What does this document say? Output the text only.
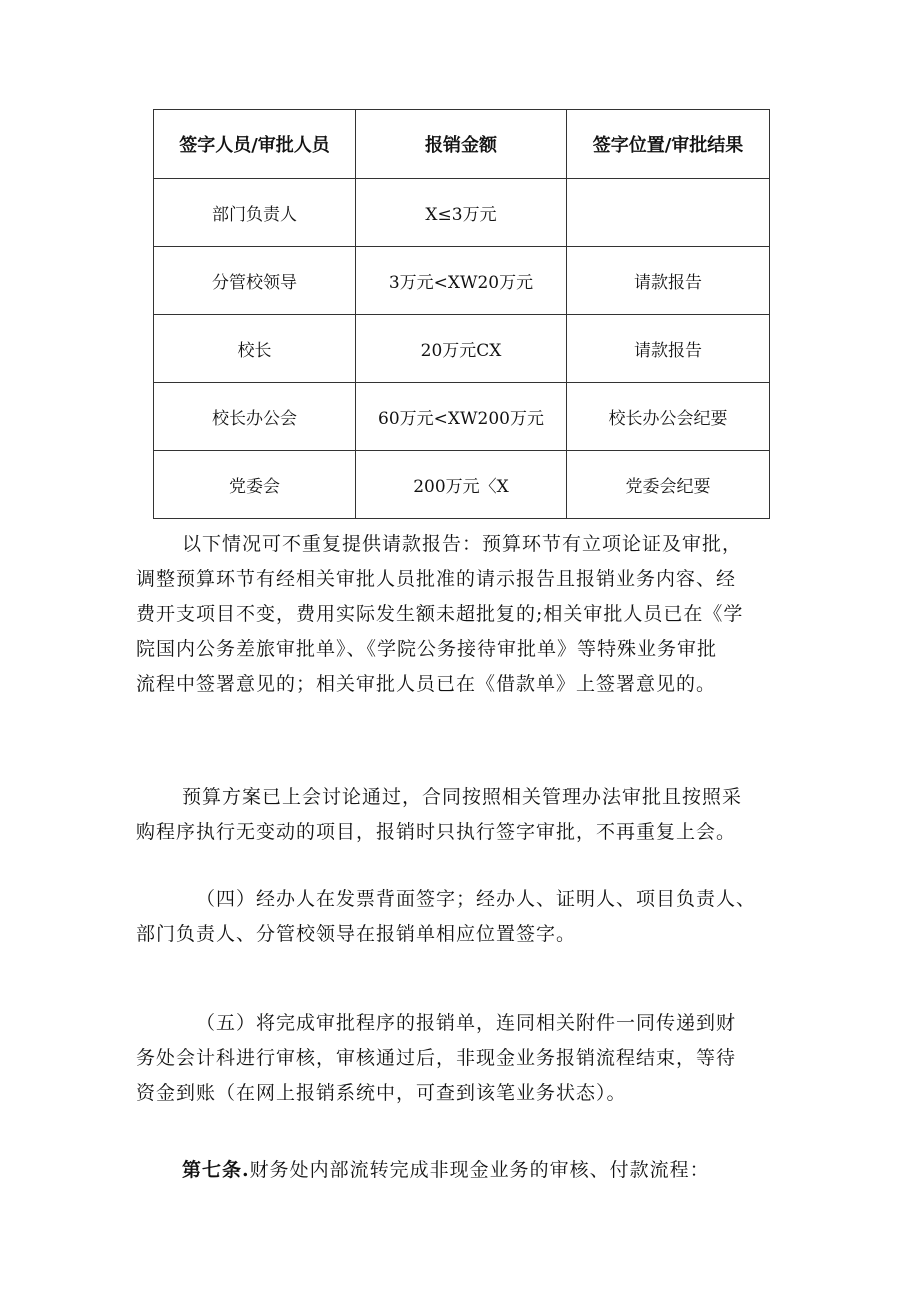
签字人员/审批人员	报销金额	签字位置/审批结果
部门负责人	X≤3万元	
分管校领导	3万元<XW20万元	请款报告
校长	20万元CX	请款报告
校长办公会	60万元<XW200万元	校长办公会纪要
党委会	200万元〈X	党委会纪要
以下情况可不重复提供请款报告：预算环节有立项论证及审批，
调整预算环节有经相关审批人员批准的请示报告且报销业务内容、经
费开支项目不变，费用实际发生额未超批复的;相关审批人员已在《学
院国内公务差旅审批单》、《学院公务接待审批单》等特殊业务审批
流程中签署意见的；相关审批人员已在《借款单》上签署意见的。
预算方案已上会讨论通过，合同按照相关管理办法审批且按照采
购程序执行无变动的项目，报销时只执行签字审批，不再重复上会。
（四）经办人在发票背面签字；经办人、证明人、项目负责人、
部门负责人、分管校领导在报销单相应位置签字。
（五）将完成审批程序的报销单，连同相关附件一同传递到财
务处会计科进行审核，审核通过后，非现金业务报销流程结束，等待
资金到账（在网上报销系统中，可查到该笔业务状态）。
第七条.财务处内部流转完成非现金业务的审核、付款流程：
